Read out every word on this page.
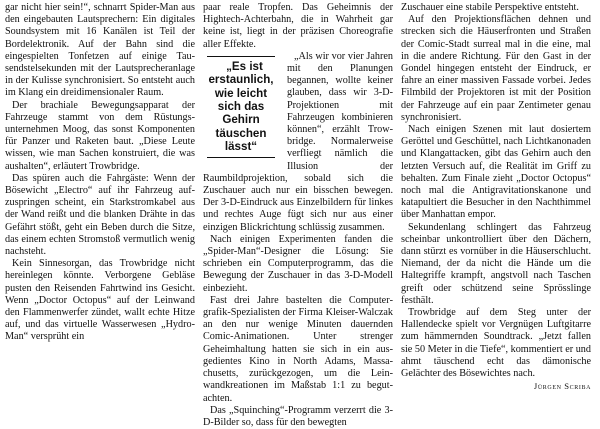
gar nicht hier sein!“, schnarrt Spider-Man aus den eingebauten Lautsprechern: Ein digitales Soundsystem mit 16 Kanälen ist Teil der Bordelektronik. Auf der Bahn sind die eingespielten Tonfetzen auf einige Tausendstelsekunden mit der Lautsprecheranlage in der Kulisse synchronisiert. So entsteht auch im Klang ein dreidimensionaler Raum.

Der brachiale Bewegungsapparat der Fahrzeuge stammt von dem Rüstungsunternehmen Moog, das sonst Komponenten für Panzer und Raketen baut. „Diese Leute wissen, wie man Sachen konstruiert, die was aushalten“, erläutert Trowbridge.

Das spüren auch die Fahrgäste: Wenn der Bösewicht „Electro“ auf ihr Fahrzeug aufzuspringen scheint, ein Starkstromkabel aus der Wand reißt und die blanken Drähte in das Gefährt stößt, geht ein Beben durch die Sitze, das einem echten Stromstoß vermutlich wenig nachsteht.

Kein Sinnesorgan, das Trowbridge nicht hereinlegen könnte. Verborgene Gebläse pusten den Reisenden Fahrtwind ins Gesicht. Wenn „Doctor Octopus“ auf der Leinwand den Flammenwerfer zündet, wallt echte Hitze auf, und das virtuelle Wasserwesen „Hydro-Man“ versprüht ein

paar reale Tropfen. Das Geheimnis der Hightech-Achterbahn, die in Wahrheit gar keine ist, liegt in der präzisen Choreografie aller Effekte.

„Es ist erstaunlich, wie leicht sich das Gehirn täuschen lässt“
„Als wir vor vier Jahren mit den Planungen begannen, wollte keiner glauben, dass wir 3-D-Projektionen mit Fahrzeugen kombinieren können“, erzählt Trowbridge. Normalerweise verfliegt nämlich die Illusion der Raumbildprojektion, sobald sich die Zuschauer auch nur ein bisschen bewegen. Der 3-D-Eindruck aus Einzelbildern für linkes und rechtes Auge fügt sich nur aus einer einzigen Blickrichtung schlüssig zusammen.

Nach einigen Experimenten fanden die „Spider-Man“-Designer die Lösung: Sie schrieben ein Computerprogramm, das die Bewegung der Zuschauer in das 3-D-Modell einbezieht.

Fast drei Jahre bastelten die Computergrafik-Spezialisten der Firma Kleiser-Walczak an den nur wenige Minuten dauernden Comic-Animationen. Unter strenger Geheimhaltung hatten sie sich in ein ausgedientes Kino in North Adams, Massachusetts, zurückgezogen, um die Leinwandkreationen im Maßstab 1:1 zu begutachten.

Das „Squinching“-Programm verzerrt die 3-D-Bilder so, dass für den bewegten

Zuschauer eine stabile Perspektive entsteht.

Auf den Projektionsflächen dehnen und strecken sich die Häuserfronten und Straßen der Comic-Stadt surreal mal in die eine, mal in die andere Richtung. Für den Gast in der Gondel hingegen entsteht der Eindruck, er fahre an einer massiven Fassade vorbei. Jedes Filmbild der Projektoren ist mit der Position der Fahrzeuge auf ein paar Zentimeter genau synchronisiert.

Nach einigen Szenen mit laut dosiertem Geröttel und Geschüttel, nach Lichtkanonaden und Klangattacken, gibt das Gehirn auch den letzten Versuch auf, die Realität im Griff zu behalten. Zum Finale zieht „Doctor Octopus“ noch mal die Antigravitationskanone und katapultiert die Besucher in den Nachthimmel über Manhattan empor.

Sekundenlang schlingert das Fahrzeug scheinbar unkontrolliert über den Dächern, dann stürzt es vornüber in die Häuserschlucht. Niemand, der da nicht die Hände um die Haltegriffe krampft, angstvoll nach Taschen greift oder schützend seine Sprösslinge festhält.

Trowbridge auf dem Steg unter der Hallendecke spielt vor Vergnügen Luftgitarre zum hämmernden Soundtrack. „Jetzt fallen sie 50 Meter in die Tiefe“, kommentiert er und ahmt täuschend echt das dämonische Gelächter des Bösewichtes nach.

Jürgen Scriba
